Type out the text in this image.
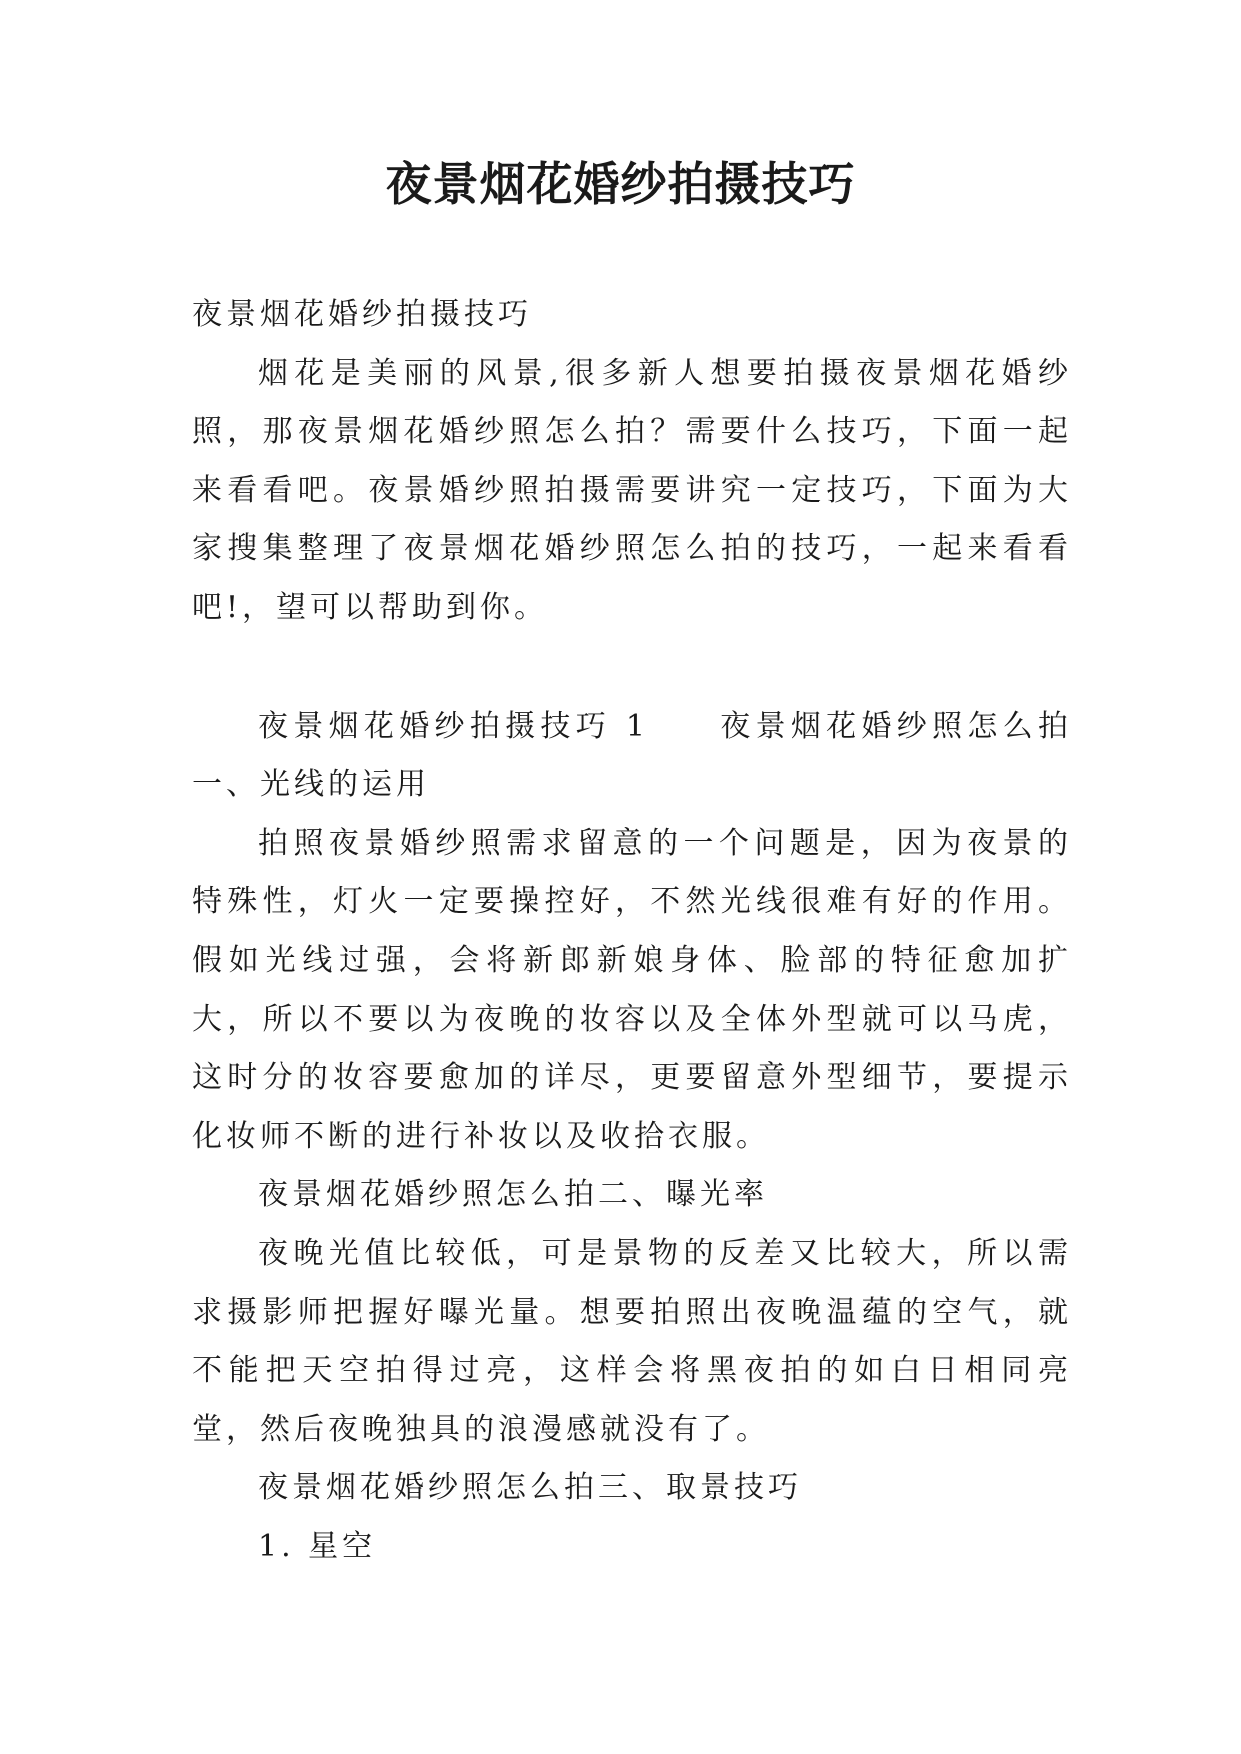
夜景烟花婚纱拍摄技巧

夜景烟花婚纱拍摄技巧

烟花是美丽的风景,很多新人想要拍摄夜景烟花婚纱照，那夜景烟花婚纱照怎么拍？需要什么技巧，下面一起来看看吧。夜景婚纱照拍摄需要讲究一定技巧，下面为大家搜集整理了夜景烟花婚纱照怎么拍的技巧，一起来看看吧!，望可以帮助到你。

夜景烟花婚纱拍摄技巧 1 夜景烟花婚纱照怎么拍一、光线的运用

拍照夜景婚纱照需求留意的一个问题是，因为夜景的特殊性，灯火一定要操控好，不然光线很难有好的作用。假如光线过强，会将新郎新娘身体、脸部的特征愈加扩大，所以不要以为夜晚的妆容以及全体外型就可以马虎，这时分的妆容要愈加的详尽，更要留意外型细节，要提示化妆师不断的进行补妆以及收拾衣服。

夜景烟花婚纱照怎么拍二、曝光率

夜晚光值比较低，可是景物的反差又比较大，所以需求摄影师把握好曝光量。想要拍照出夜晚温蕴的空气，就不能把天空拍得过亮，这样会将黑夜拍的如白日相同亮堂，然后夜晚独具的浪漫感就没有了。

夜景烟花婚纱照怎么拍三、取景技巧

1. 星空
